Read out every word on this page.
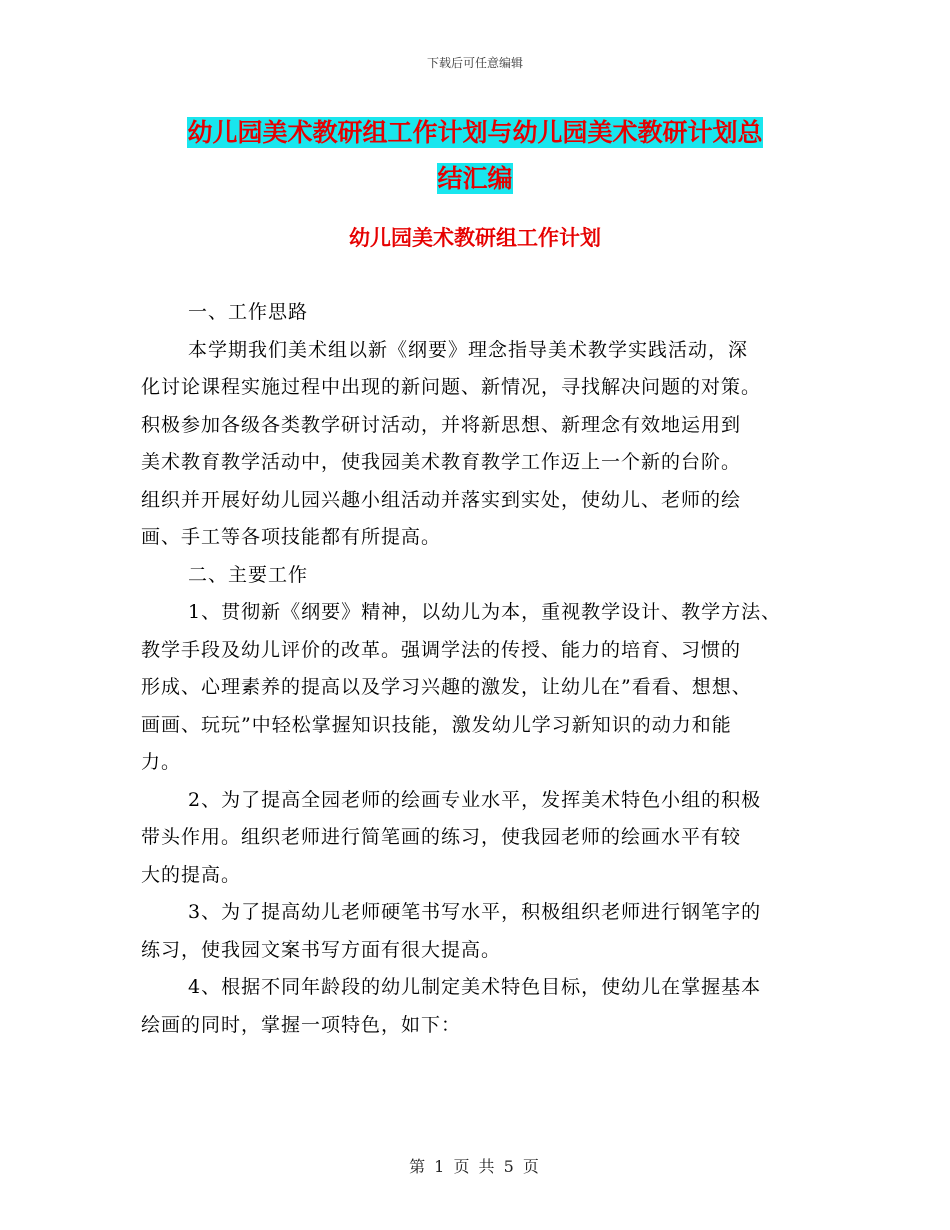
下载后可任意编辑
幼儿园美术教研组工作计划与幼儿园美术教研计划总
结汇编
幼儿园美术教研组工作计划
一、工作思路
本学期我们美术组以新《纲要》理念指导美术教学实践活动，深
化讨论课程实施过程中出现的新问题、新情况，寻找解决问题的对策。
积极参加各级各类教学研讨活动，并将新思想、新理念有效地运用到
美术教育教学活动中，使我园美术教育教学工作迈上一个新的台阶。
组织并开展好幼儿园兴趣小组活动并落实到实处，使幼儿、老师的绘
画、手工等各项技能都有所提高。
二、主要工作
1、贯彻新《纲要》精神，以幼儿为本，重视教学设计、教学方法、
教学手段及幼儿评价的改革。强调学法的传授、能力的培育、习惯的
形成、心理素养的提高以及学习兴趣的激发，让幼儿在”看看、想想、
画画、玩玩”中轻松掌握知识技能，激发幼儿学习新知识的动力和能
力。
2、为了提高全园老师的绘画专业水平，发挥美术特色小组的积极
带头作用。组织老师进行简笔画的练习，使我园老师的绘画水平有较
大的提高。
3、为了提高幼儿老师硬笔书写水平，积极组织老师进行钢笔字的
练习，使我园文案书写方面有很大提高。
4、根据不同年龄段的幼儿制定美术特色目标，使幼儿在掌握基本
绘画的同时，掌握一项特色，如下：
第 1 页 共 5 页
